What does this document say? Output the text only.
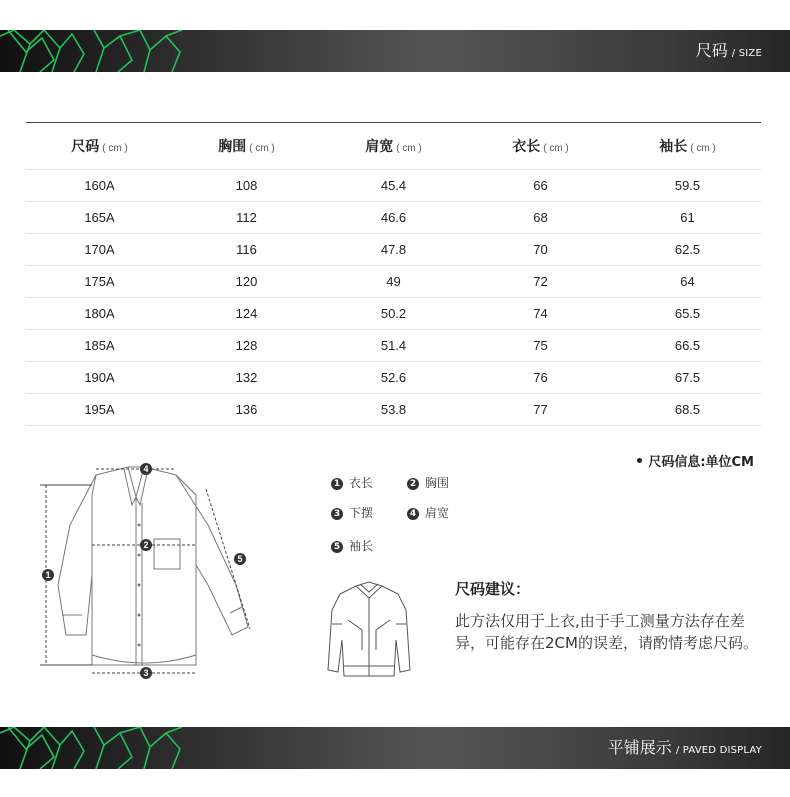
尺码 / SIZE
尺码 ( cm )	胸围 ( cm )	肩宽 ( cm )	衣长 ( cm )	袖长 ( cm )
160A	108	45.4	66	59.5
165A	112	46.6	68	61
170A	116	47.8	70	62.5
175A	120	49	72	64
180A	124	50.2	74	65.5
185A	128	51.4	75	66.5
190A	132	52.6	76	67.5
195A	136	53.8	77	68.5
1
2
3
4
5
1 衣长	2 胸围
3 下摆	4 肩宽
5 袖长
尺码信息:单位CM
尺码建议：
此方法仅用于上衣,由于手工测量方法存在差异，可能存在2CM的误差，请酌情考虑尺码。
平铺展示 / PAVED DISPLAY
